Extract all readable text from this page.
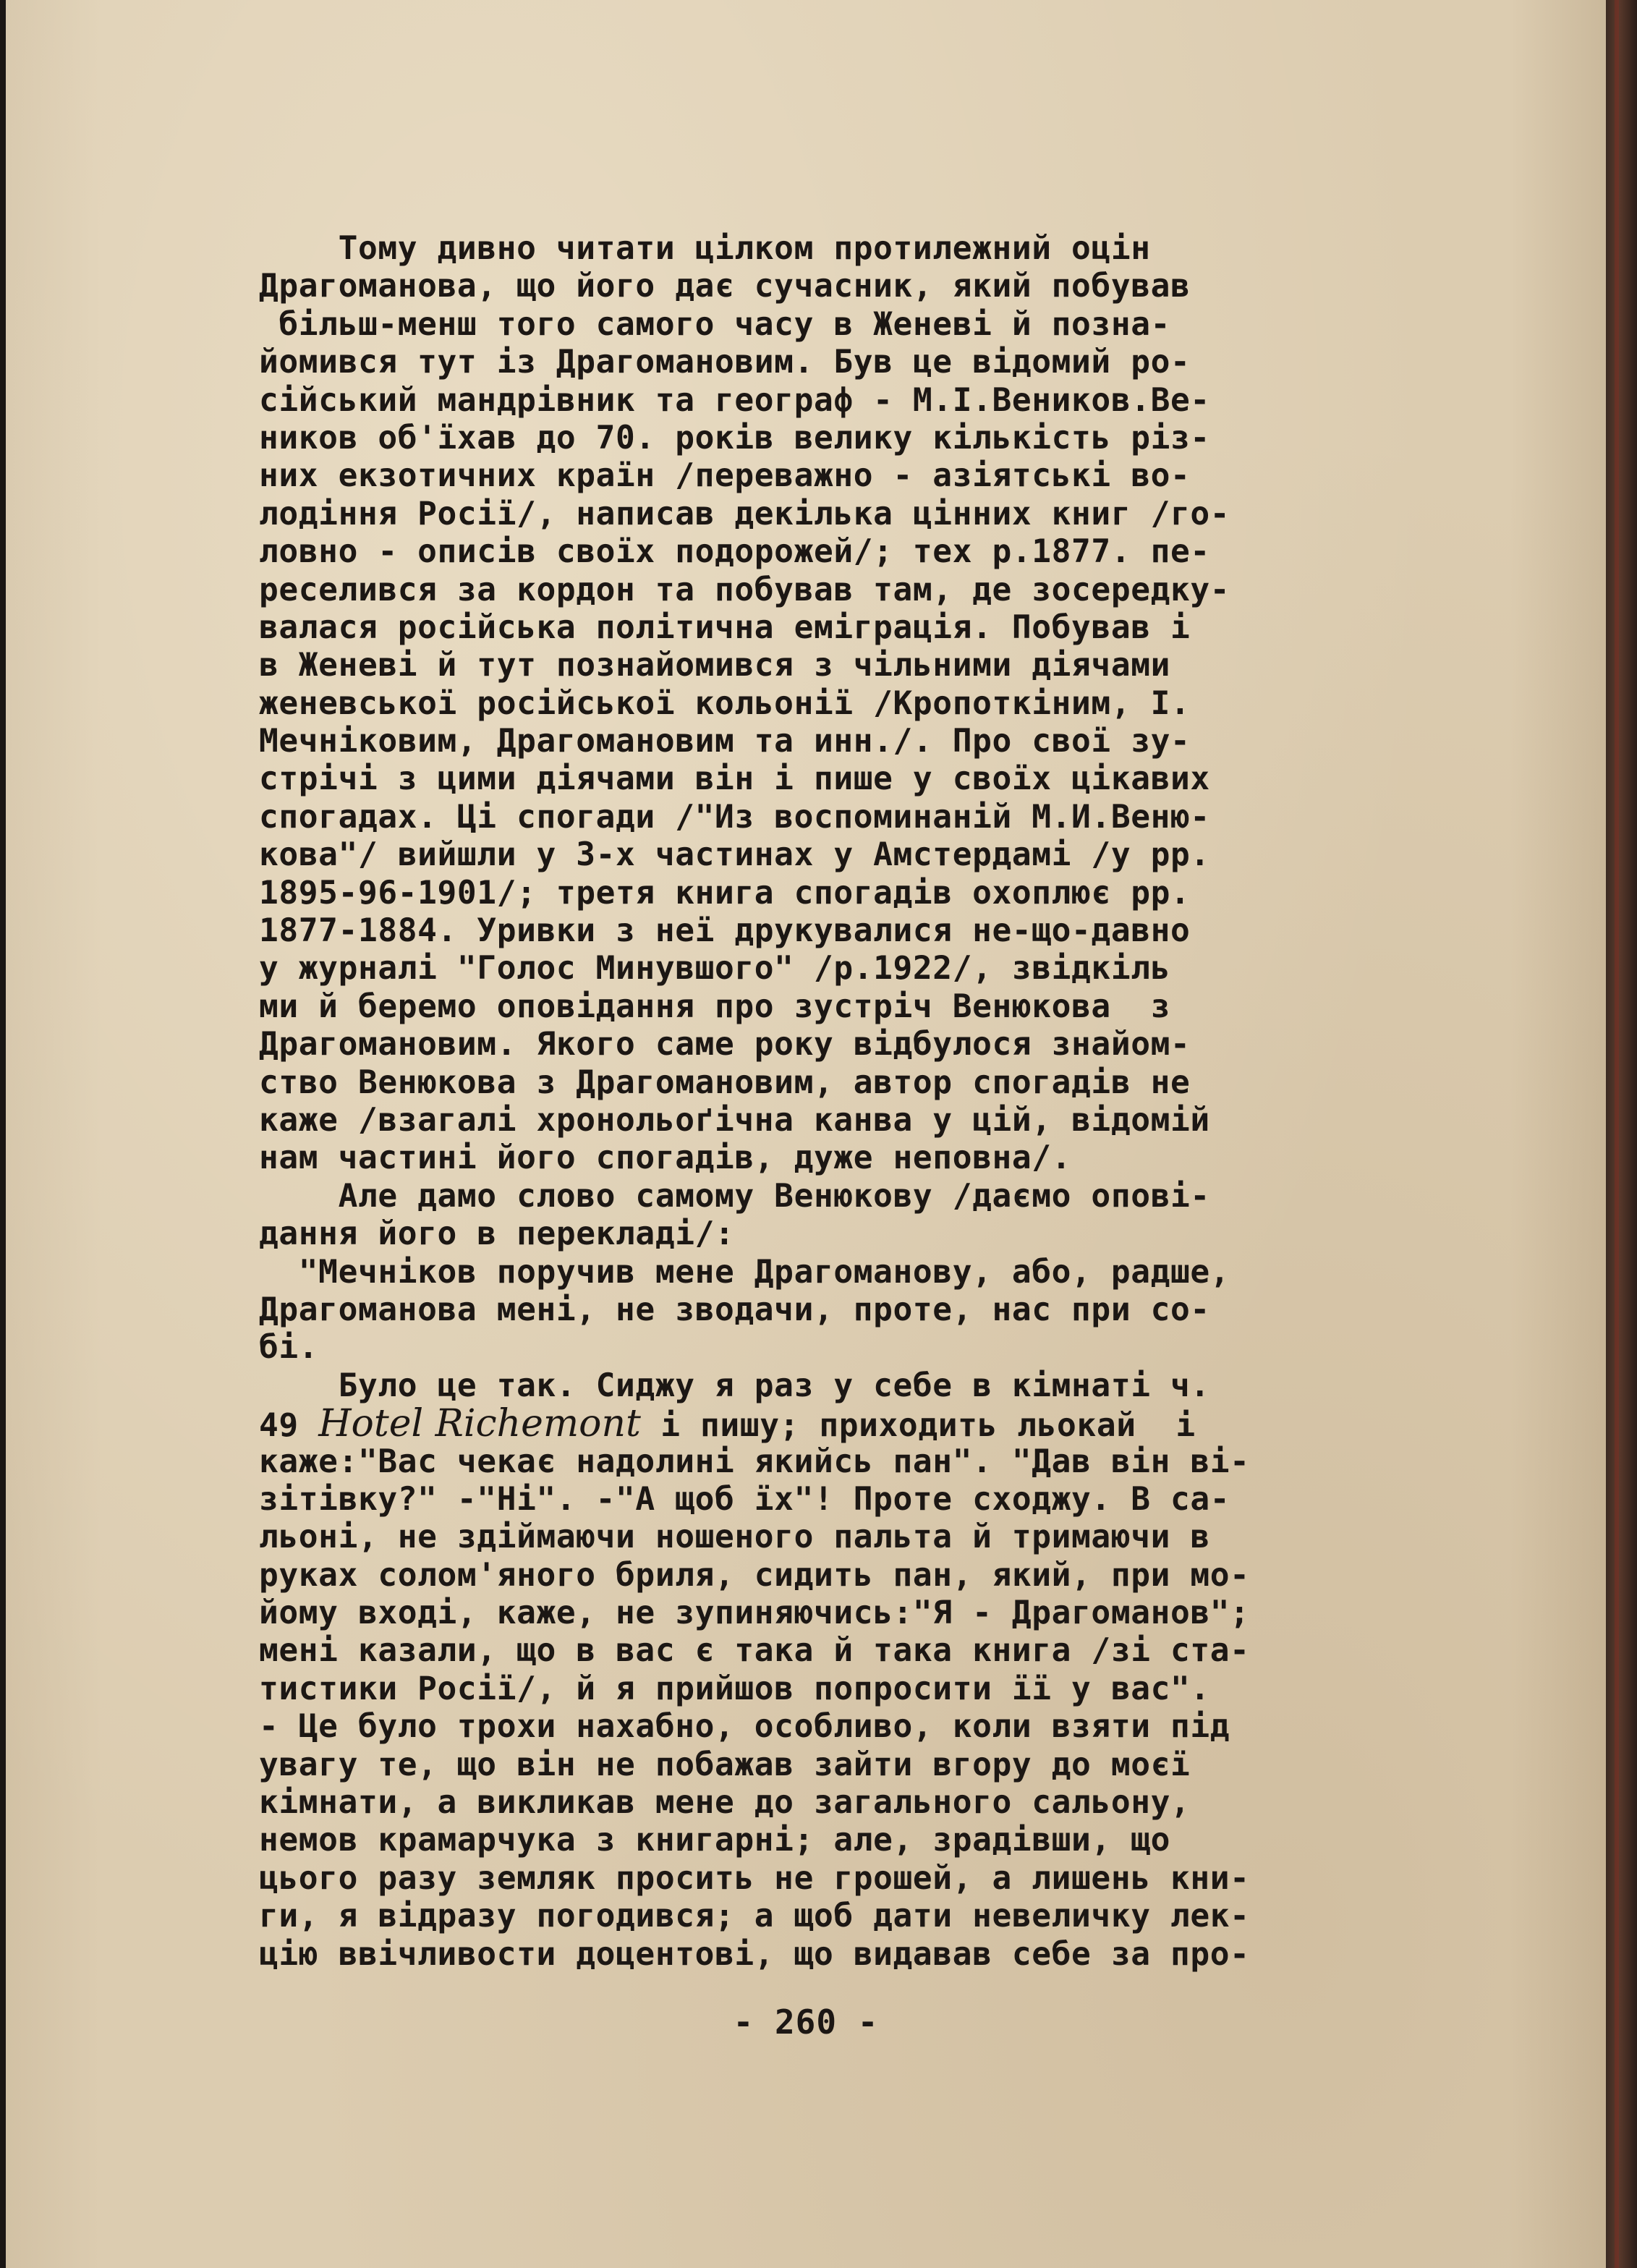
Тому дивно читати цілком протилежний оцін
Драгоманова, що його дає сучасник, який побував
більш-менш того самого часу в Женеві й позна-
йомився тут із Драгомановим. Був це відомий ро-
сійський мандрівник та географ - М.І.Веникoв.Ве-
ников об'їхав до 70. років велику кількість різ-
них екзотичних країн /переважно - азіятські во-
лодіння Росії/, написав декілька цінних книг /го-
ловно - описів своїх подорожей/; тех р.1877. пе-
реселився за кордон та побував там, де зосередку-
валася російська політична еміграція. Побував і
в Женеві й тут познайомився з чільними діячами
женевської російської кольонії /Кропоткіним, І.
Мечніковим, Драгомановим та инн./. Про свої зу-
стрічі з цими діячами він і пише у своїх цікавих
спогадах. Ці спогади /"Из воспоминаній М.И.Веню-
кова"/ вийшли у 3-х частинах у Амстердамі /у рр.
1895-96-1901/; третя книга спогадів охоплює рр.
1877-1884. Уривки з неї друкувалися не-що-давно
у журналі "Голос Минувшого" /р.1922/, звідкіль
ми й беремо оповідання про зустріч Венюкова  з
Драгомановим. Якого саме року відбулося знайом-
ство Венюкова з Драгомановим, автор спогадів не
каже /взагалі хронольоґічна канва у цій, відомій
нам частині його спогадів, дуже неповна/.
Але дамо слово самому Венюкову /даємо опові-
дання його в перекладі/:
"Мечніков поручив мене Драгоманову, або, радше,
Драгоманова мені, не зводачи, проте, нас при со-
бі.
Було це так. Сиджу я раз у себе в кімнаті ч.
49 Hotel Richemont і пишу; приходить льокай  і
каже:"Вас чекає надолині якийсь пан". "Дав він ві-
зітівку?" -"Ні". -"А щоб їх"! Проте сходжу. В са-
льоні, не здіймаючи ношеного пальта й тримаючи в
руках солом'яного бриля, сидить пан, який, при мо-
йому вході, каже, не зупиняючись:"Я - Драгоманов";
мені казали, що в вас є така й така книга /зі ста-
тистики Росії/, й я прийшов попросити її у вас".
- Це було трохи нахабно, особливо, коли взяти під
увагу те, що він не побажав зайти вгору до моєї
кімнати, а викликав мене до загального сальону,
немов крамарчука з книгарні; але, зрадівши, що
цього разу земляк просить не грошей, а лишень кни-
ги, я відразу погодився; а щоб дати невеличку лек-
цію ввічливости доцентові, що видавав себе за про-
- 260 -
